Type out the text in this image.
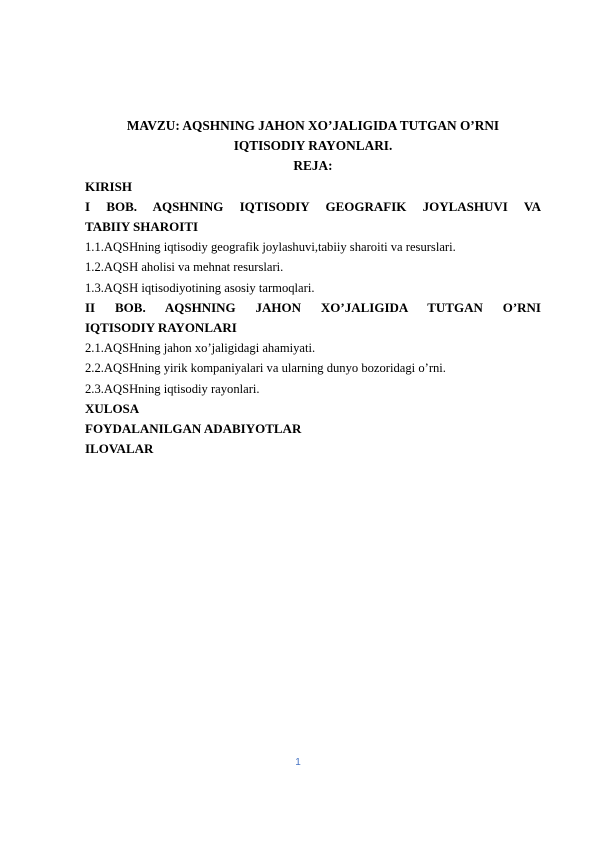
MAVZU: AQSHNING JAHON XO’JALIGIDA TUTGAN O’RNI
IQTISODIY RAYONLARI.
REJA:
KIRISH
I BOB. AQSHNING IQTISODIY GEOGRAFIK JOYLASHUVI VA
TABIIY SHAROITI
1.1.AQSHning iqtisodiy geografik joylashuvi,tabiiy sharoiti va resurslari.
1.2.AQSH aholisi va mehnat resurslari.
1.3.AQSH iqtisodiyotining asosiy tarmoqlari.
II BOB. AQSHNING JAHON XO’JALIGIDA TUTGAN O’RNI
IQTISODIY RAYONLARI
2.1.AQSHning jahon xo’jaligidagi ahamiyati.
2.2.AQSHning yirik kompaniyalari va ularning dunyo bozoridagi o’rni.
2.3.AQSHning iqtisodiy rayonlari.
XULOSA
FOYDALANILGAN ADABIYOTLAR
ILOVALAR
1
